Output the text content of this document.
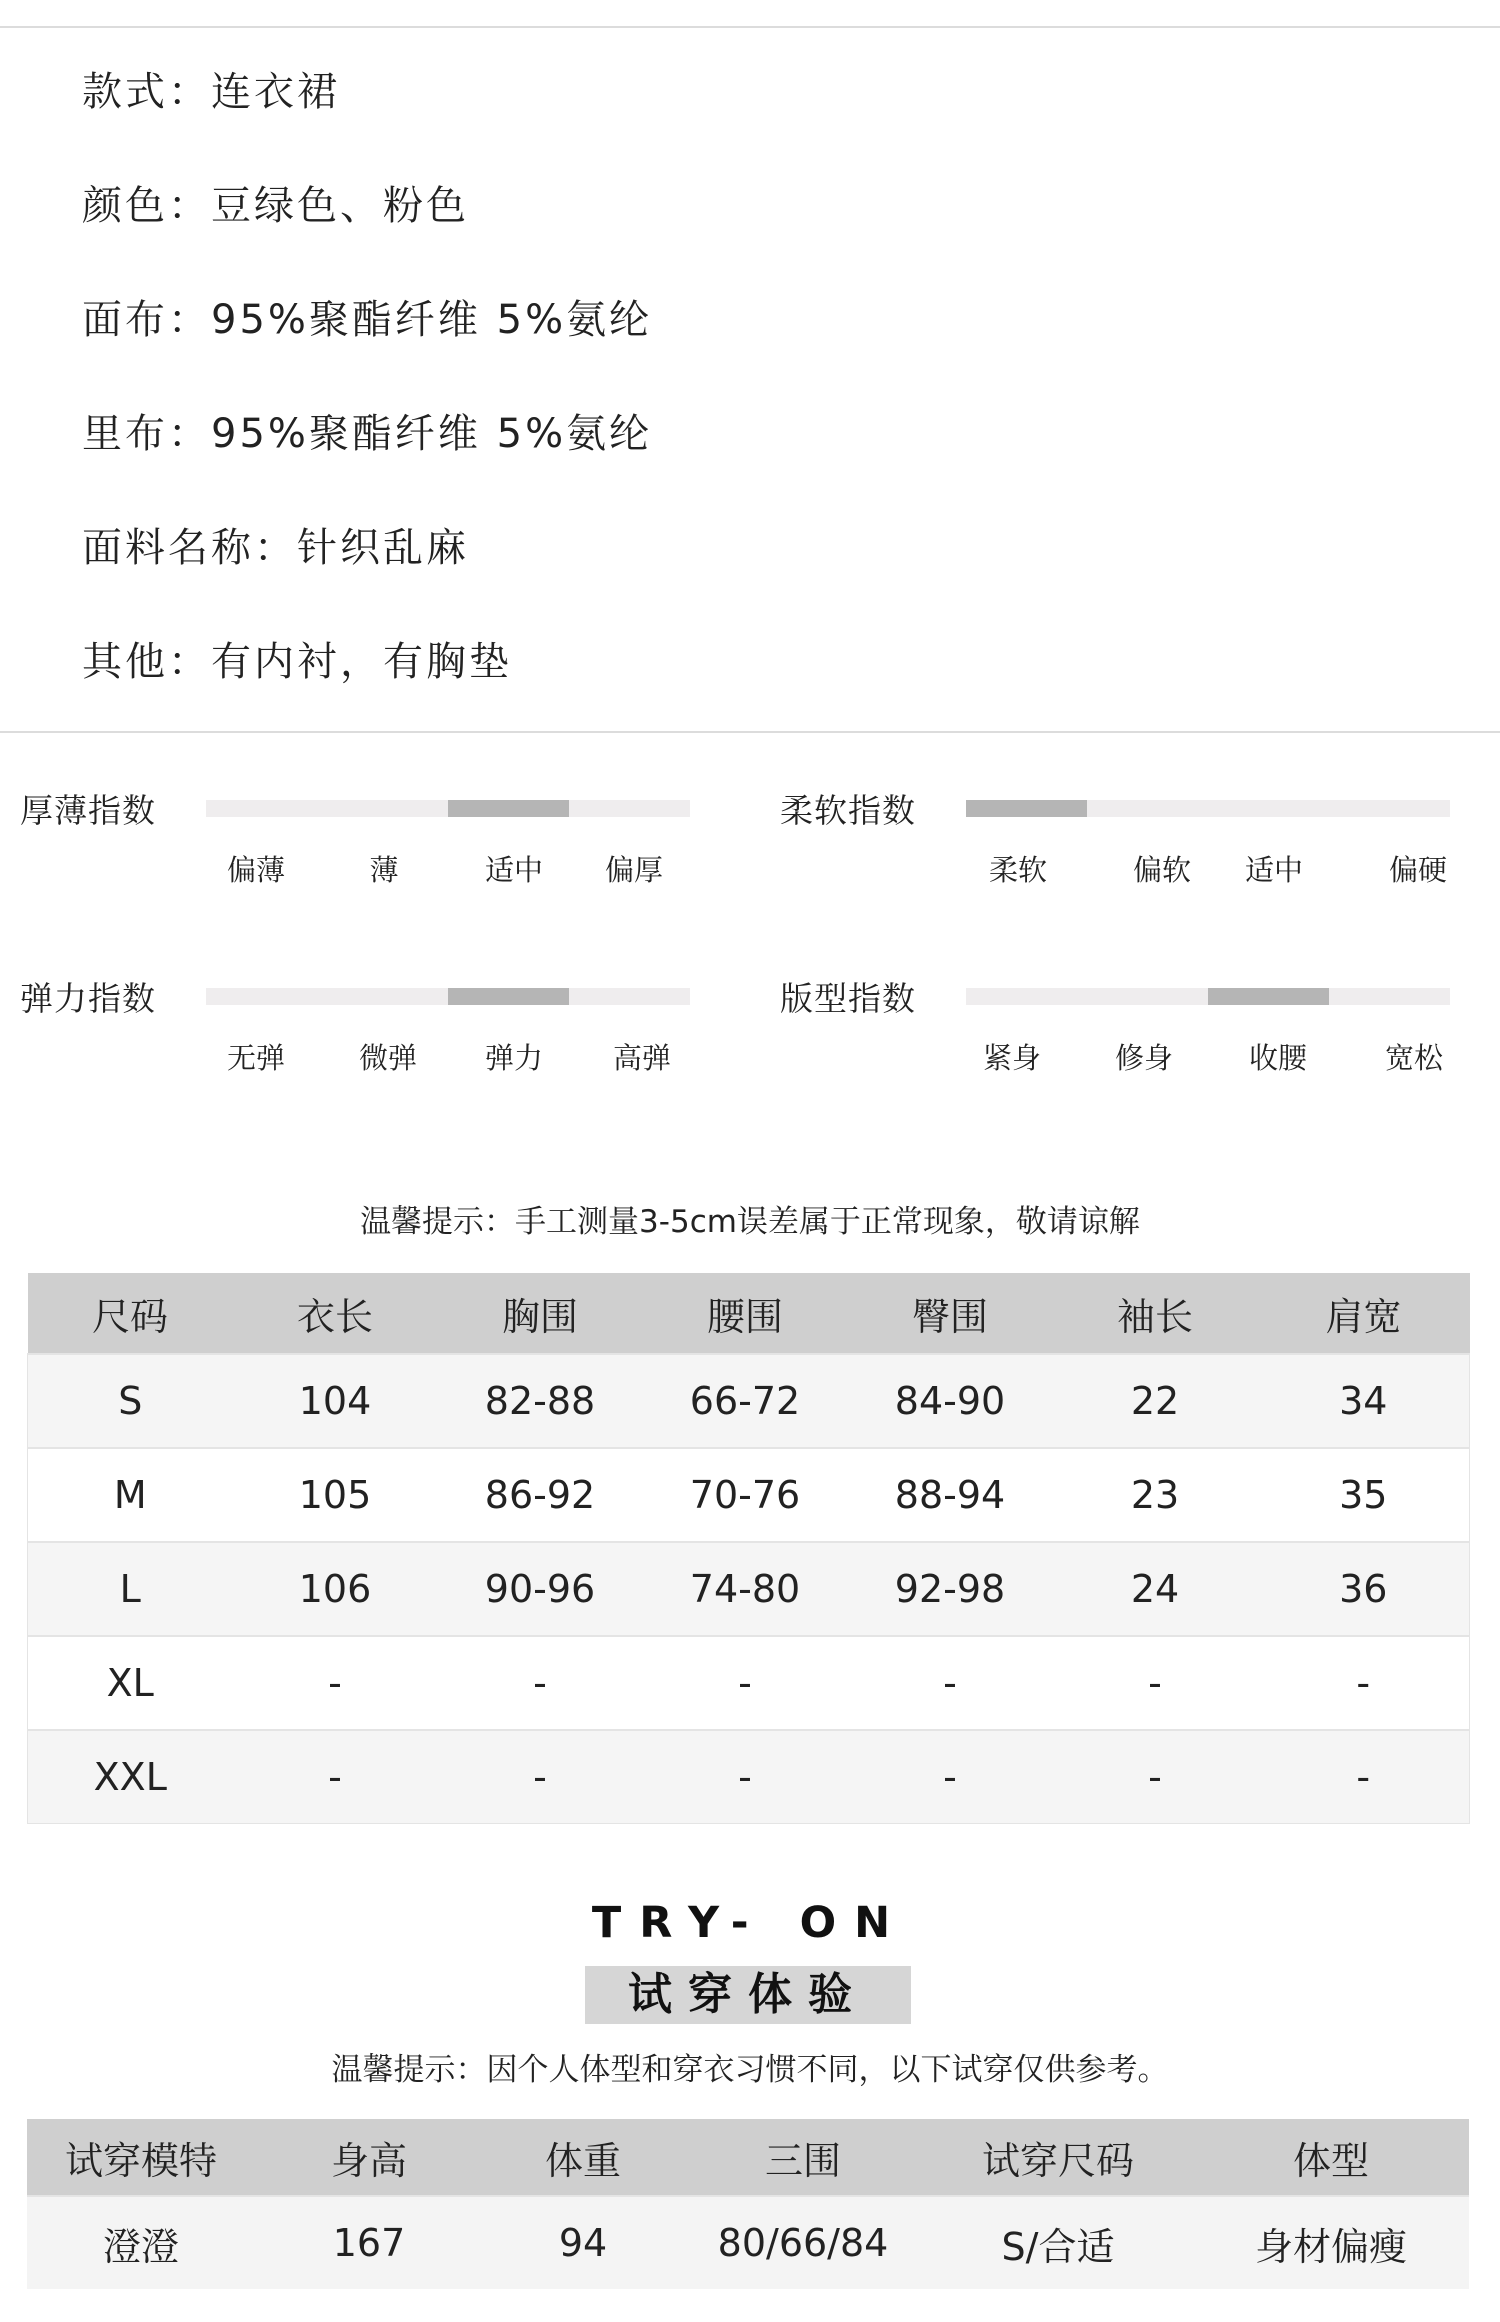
款式：连衣裙
颜色：豆绿色、粉色
面布：95%聚酯纤维 5%氨纶
里布：95%聚酯纤维 5%氨纶
面料名称：针织乱麻
其他：有内衬，有胸垫
厚薄指数
偏薄	薄	适中 偏厚
柔软指数
柔软	偏软 适中	偏硬
弹力指数
无弹	微弹 弹力 高弹
版型指数
紧身	修身	收腰	宽松
温馨提示：手工测量3-5cm误差属于正常现象，敬请谅解
尺码	衣长	胸围	腰围	臀围	袖长	肩宽
S	104	82-88	66-72	84-90	22	34
M	105	86-92	70-76	88-94	23	35
L	106	90-96	74-80	92-98	24	36
XL	-	-	-	-	-	-
XXL	-	-	-	-	-	-
TRY- ON
试穿体验
温馨提示：因个人体型和穿衣习惯不同，以下试穿仅供参考。
试穿模特	身高	体重	三围	试穿尺码	体型
澄澄	167	94	80/66/84	S/合适	身材偏瘦
